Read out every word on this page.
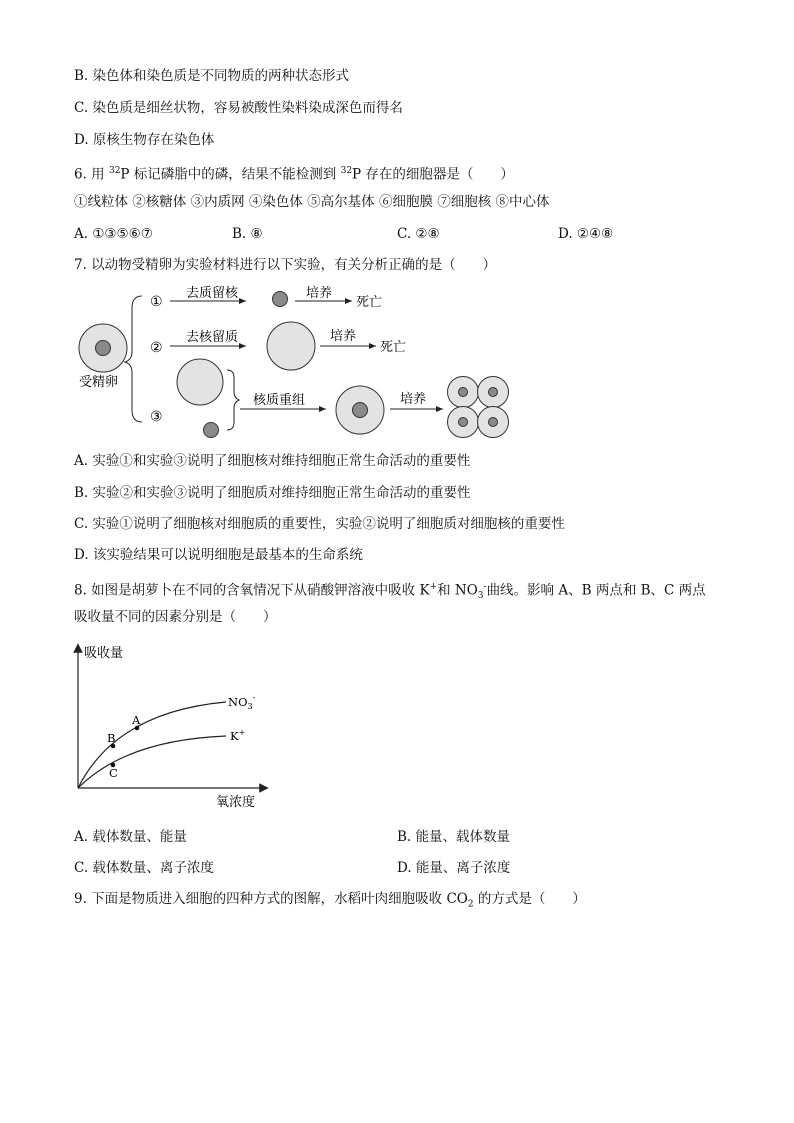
B. 染色体和染色质是不同物质的两种状态形式
C. 染色质是细丝状物，容易被酸性染料染成深色而得名
D. 原核生物存在染色体
6. 用 $^{32}$P 标记磷脂中的磷，结果不能检测到 $^{32}$P 存在的细胞器是（　　）
①线粒体 ②核糖体 ③内质网 ④染色体 ⑤高尔基体 ⑥细胞膜 ⑦细胞核 ⑧中心体
A. ①③⑤⑥⑦	B. ⑧	C. ②⑧	D. ②④⑧
7. 以动物受精卵为实验材料进行以下实验，有关分析正确的是（　　）
受精卵
①
去质留核	培养
死亡
②
去核留质	培养
死亡
③
核质重组	培养
A. 实验①和实验③说明了细胞核对维持细胞正常生命活动的重要性
B. 实验②和实验③说明了细胞质对维持细胞正常生命活动的重要性
C. 实验①说明了细胞核对细胞质的重要性，实验②说明了细胞质对细胞核的重要性
D. 该实验结果可以说明细胞是最基本的生命系统
8. 如图是胡萝卜在不同的含氧情况下从硝酸钾溶液中吸收 K+和 $NO_3^-$曲线。影响 A、B 两点和 B、C 两点
吸收量不同的因素分别是（　　）
吸收量
氧浓度
$NO_3^-$
K+
A
B
C
A. 载体数量、能量	B. 能量、载体数量
C. 载体数量、离子浓度	D. 能量、离子浓度
9. 下面是物质进入细胞的四种方式的图解，水稻叶肉细胞吸收 $CO_2$ 的方式是（　　）
